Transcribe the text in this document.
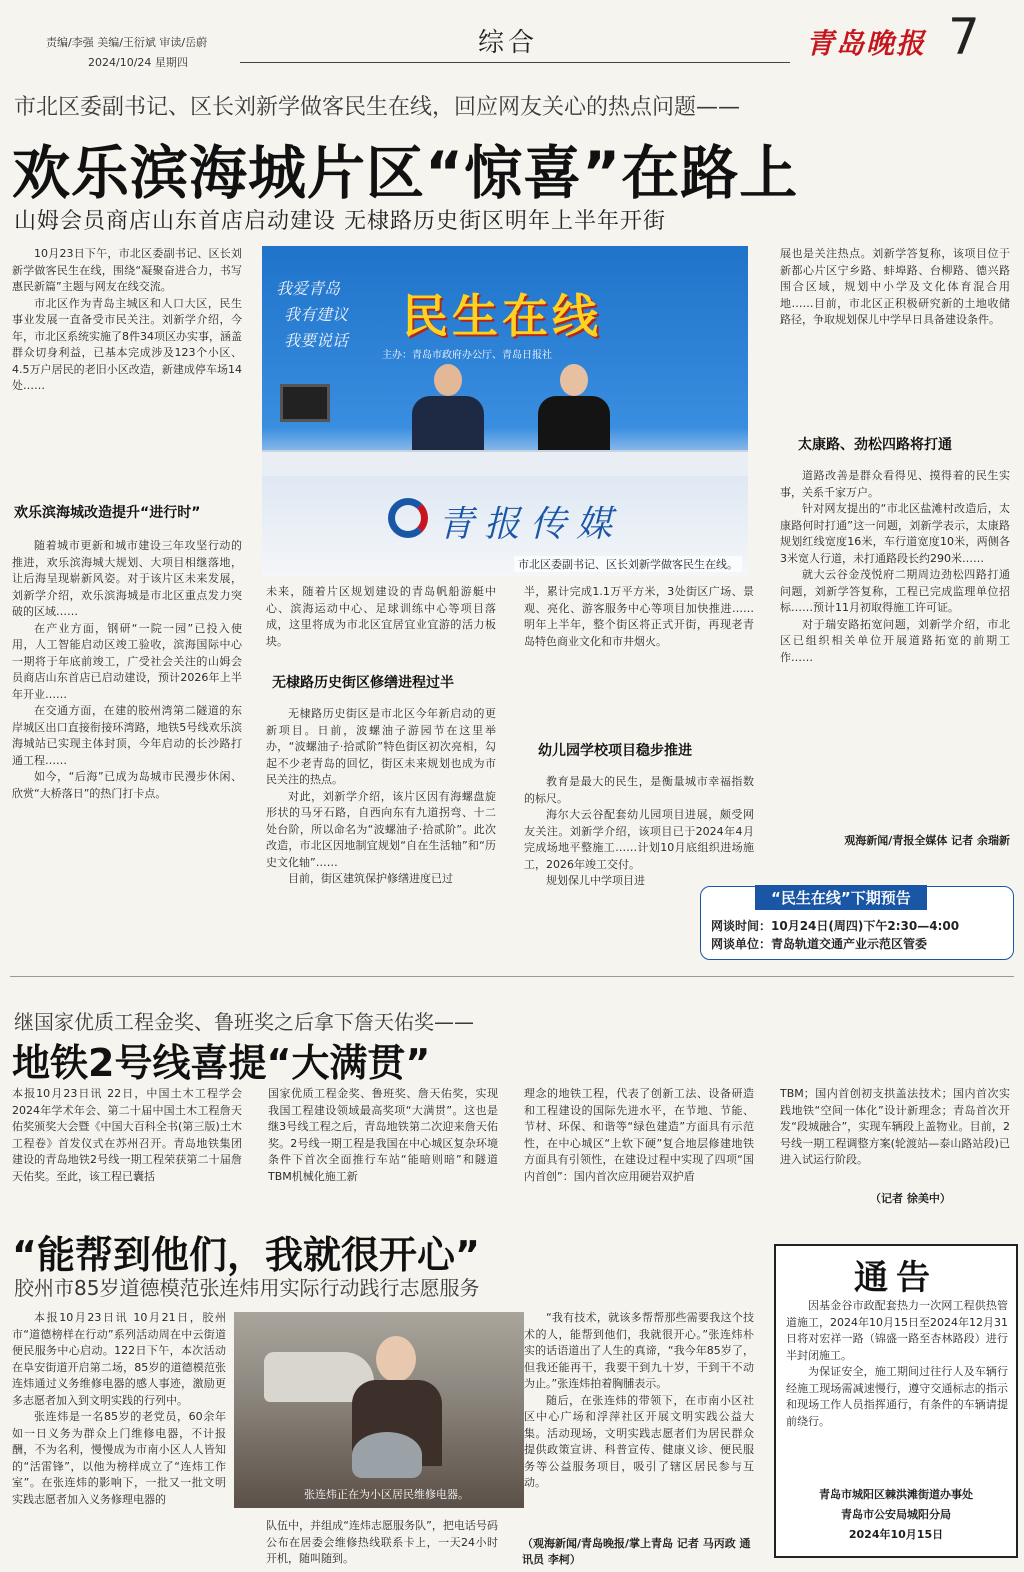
责编/李强 美编/王衍斌 审读/岳蔚
2024/10/24 星期四
综合	青岛晚报 7
市北区委副书记、区长刘新学做客民生在线，回应网友关心的热点问题——
欢乐滨海城片区“惊喜”在路上
山姆会员商店山东首店启动建设 无棣路历史街区明年上半年开街

10月23日下午，市北区委副书记、区长刘新学做客民生在线，围绕“凝聚奋进合力，书写惠民新篇”主题与网友在线交流。

市北区作为青岛主城区和人口大区，民生事业发展一直备受市民关注。刘新学介绍，今年，市北区系统实施了8件34项区办实事，涵盖群众切身利益，已基本完成涉及123个小区、4.5万户居民的老旧小区改造，新建成停车场14处……

欢乐滨海城改造提升“进行时”

随着城市更新和城市建设三年攻坚行动的推进，欢乐滨海城大规划、大项目相继落地，让后海呈现崭新风姿。对于该片区未来发展，刘新学介绍，欢乐滨海城是市北区重点发力突破的区域……

在产业方面，钢研“一院一园”已投入使用，人工智能启动区竣工验收，滨海国际中心一期将于年底前竣工，广受社会关注的山姆会员商店山东首店已启动建设，预计2026年上半年开业……

在交通方面，在建的胶州湾第二隧道的东岸城区出口直接衔接环湾路，地铁5号线欢乐滨海城站已实现主体封顶，今年启动的长沙路打通工程……

如今，“后海”已成为岛城市民漫步休闲、欣赏“大桥落日”的热门打卡点。

我爱青岛
我有建议
我要说话 民生在线
主办：青岛市政府办公厅、青岛日报社
青报传媒
市北区委副书记、区长刘新学做客民生在线。

未来，随着片区规划建设的青岛帆船游艇中心、滨海运动中心、足球训练中心等项目落成，这里将成为市北区宜居宜业宜游的活力板块。

无棣路历史街区修缮进程过半

无棣路历史街区是市北区今年新启动的更新项目。日前，波螺油子游园节在这里举办，“波螺油子·拾贰阶”特色街区初次亮相，勾起不少老青岛的回忆，街区未来规划也成为市民关注的热点。

对此，刘新学介绍，该片区因有海螺盘旋形状的马牙石路，自西向东有九道拐弯、十二处台阶，所以命名为“波螺油子·拾贰阶”。此次改造，市北区因地制宜规划“自在生活轴”和“历史文化轴”……

目前，街区建筑保护修缮进度已过

半，累计完成1.1万平方米，3处街区广场、景观、亮化、游客服务中心等项目加快推进……明年上半年，整个街区将正式开街，再现老青岛特色商业文化和市井烟火。

幼儿园学校项目稳步推进

教育是最大的民生，是衡量城市幸福指数的标尺。

海尔大云谷配套幼儿园项目进展，颇受网友关注。刘新学介绍，该项目已于2024年4月完成场地平整施工……计划10月底组织进场施工，2026年竣工交付。

规划保儿中学项目进

展也是关注热点。刘新学答复称，该项目位于新都心片区宁乡路、蚌埠路、台柳路、德兴路围合区域，规划中小学及文化体育混合用地……目前，市北区正积极研究新的土地收储路径，争取规划保儿中学早日具备建设条件。

太康路、劲松四路将打通

道路改善是群众看得见、摸得着的民生实事，关系千家万户。

针对网友提出的“市北区盐滩村改造后，太康路何时打通”这一问题，刘新学表示，太康路规划红线宽度16米，车行道宽度10米，两侧各3米宽人行道，未打通路段长约290米……

就大云谷金茂悦府二期周边劲松四路打通问题，刘新学答复称，工程已完成监理单位招标……预计11月初取得施工许可证。

对于瑞安路拓宽问题，刘新学介绍，市北区已组织相关单位开展道路拓宽的前期工作……

观海新闻/青报全媒体 记者 余瑞新
“民生在线”下期预告
网谈时间：10月24日(周四)下午2:30—4:00
网谈单位：青岛轨道交通产业示范区管委
继国家优质工程金奖、鲁班奖之后拿下詹天佑奖——
地铁2号线喜提“大满贯”
本报10月23日讯 22日，中国土木工程学会2024年学术年会、第二十届中国土木工程詹天佑奖颁奖大会暨《中国大百科全书(第三版)土木工程卷》首发仪式在苏州召开。青岛地铁集团建设的青岛地铁2号线一期工程荣获第二十届詹天佑奖。至此，该工程已囊括
国家优质工程金奖、鲁班奖、詹天佑奖，实现我国工程建设领域最高奖项“大满贯”。这也是继3号线工程之后，青岛地铁第二次迎来詹天佑奖。2号线一期工程是我国在中心城区复杂环境条件下首次全面推行车站“能暗则暗”和隧道TBM机械化施工新
理念的地铁工程，代表了创新工法、设备研造和工程建设的国际先进水平，在节地、节能、节材、环保、和谐等“绿色建造”方面具有示范性，在中心城区“上软下硬”复合地层修建地铁方面具有引领性，在建设过程中实现了四项“国内首创”：国内首次应用硬岩双护盾
TBM；国内首创初支拱盖法技术；国内首次实践地铁“空间一体化”设计新理念；青岛首次开发“段城融合”，实现车辆段上盖物业。目前，2号线一期工程调整方案(轮渡站—泰山路站段)已进入试运行阶段。
（记者 徐美中）
“能帮到他们，我就很开心”
胶州市85岁道德模范张连炜用实际行动践行志愿服务

本报10月23日讯 10月21日，胶州市“道德榜样在行动”系列活动周在中云街道便民服务中心启动。122日下午，本次活动在阜安街道开启第二场，85岁的道德模范张连炜通过义务维修电器的感人事迹，激励更多志愿者加入到文明实践的行列中。

张连炜是一名85岁的老党员，60余年如一日义务为群众上门维修电器，不计报酬，不为名利，慢慢成为市南小区人人皆知的“活雷锋”，以他为榜样成立了“连炜工作室”。在张连炜的影响下，一批又一批文明实践志愿者加入义务修理电器的	张连炜正在为小区居民维修电器。
队伍中，并组成“连炜志愿服务队”，把电话号码公布在居委会维修热线联系卡上，一天24小时开机，随叫随到。

“我有技术，就该多帮帮那些需要我这个技术的人，能帮到他们，我就很开心。”张连炜朴实的话语道出了人生的真谛，“我今年85岁了，但我还能再干，我要干到九十岁，干到干不动为止。”张连炜拍着胸脯表示。

随后，在张连炜的带领下，在市南小区社区中心广场和浮萍社区开展文明实践公益大集。活动现场，文明实践志愿者们为居民群众提供政策宣讲、科普宣传、健康义诊、便民服务等公益服务项目，吸引了辖区居民参与互动。

（观海新闻/青岛晚报/掌上青岛 记者 马丙政 通讯员 李柯）
通告

因基金谷市政配套热力一次网工程供热管道施工，2024年10月15日至2024年12月31日将对宏祥一路（锦盛一路至杏林路段）进行半封闭施工。

为保证安全，施工期间过往行人及车辆行经施工现场需减速慢行，遵守交通标志的指示和现场工作人员指挥通行，有条件的车辆请提前绕行。

青岛市城阳区棘洪滩街道办事处
青岛市公安局城阳分局
2024年10月15日
